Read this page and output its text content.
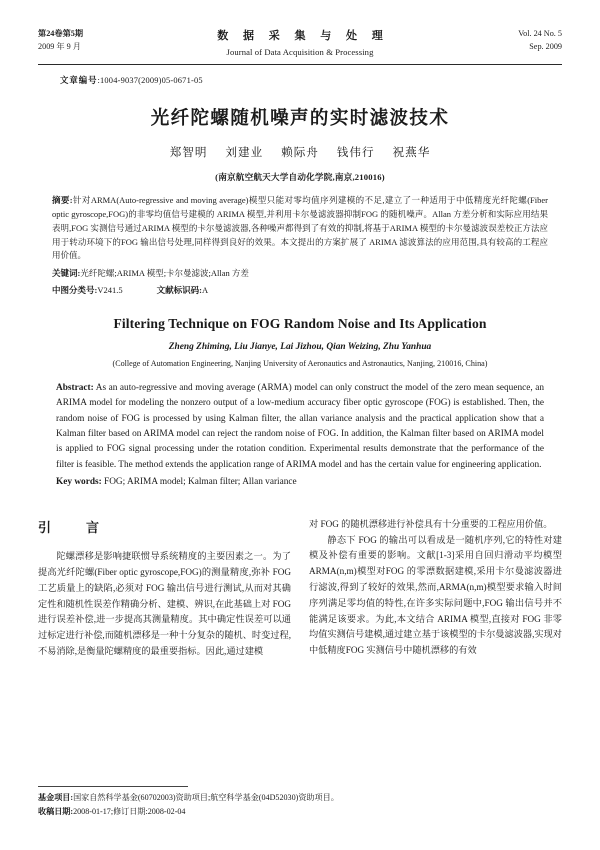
第24卷第5期
2009 年 9 月
数 据 采 集 与 处 理
Journal of Data Acquisition & Processing
Vol. 24 No. 5
Sep. 2009
文章编号:1004-9037(2009)05-0671-05
光纤陀螺随机噪声的实时滤波技术
郑智明 刘建业 赖际舟 钱伟行 祝燕华
(南京航空航天大学自动化学院,南京,210016)
摘要:针对ARMA(Auto-regressive and moving average)模型只能对零均值序列建模的不足,建立了一种适用于中低精度光纤陀螺(Fiber optic gyroscope,FOG)的非零均值信号建模的 ARIMA 模型,并利用卡尔曼滤波器抑制FOG 的随机噪声。Allan 方差分析和实际应用结果表明,FOG 实测信号通过ARIMA 模型的卡尔曼滤波器,各种噪声都得到了有效的抑制,将基于ARIMA 模型的卡尔曼滤波误差校正方法应用于转动环境下的FOG 输出信号处理,同样得到良好的效果。本文提出的方案扩展了 ARIMA 滤波算法的应用范围,具有较高的工程应用价值。
关键词:光纤陀螺;ARIMA 模型;卡尔曼滤波;Allan 方差
中图分类号:V241.5	文献标识码:A
Filtering Technique on FOG Random Noise and Its Application
Zheng Zhiming, Liu Jianye, Lai Jizhou, Qian Weizing, Zhu Yanhua
(College of Automation Engineering, Nanjing University of Aeronautics and Astronautics, Nanjing, 210016, China)
Abstract: As an auto-regressive and moving average (ARMA) model can only construct the model of the zero mean sequence, an ARIMA model for modeling the nonzero output of a low-medium accuracy fiber optic gyroscope (FOG) is established. Then, the random noise of FOG is processed by using Kalman filter, the allan variance analysis and the practical application show that a Kalman filter based on ARIMA model can reject the random noise of FOG. In addition, the Kalman filter based on ARIMA model is applied to FOG signal processing under the rotation condition. Experimental results demonstrate that the performance of the filter is feasible. The method extends the application range of ARIMA model and has the certain value for engineering application.
Key words: FOG; ARIMA model; Kalman filter; Allan variance
引　言
陀螺漂移是影响捷联惯导系统精度的主要因素之一。为了提高光纤陀螺(Fiber optic gyroscope,FOG)的测量精度,弥补 FOG 工艺质量上的缺陷,必须对 FOG 输出信号进行测试,从而对其确定性和随机性误差作精确分析、建模、辨识,在此基础上对 FOG 进行误差补偿,进一步提高其测量精度。其中确定性误差可以通过标定进行补偿,而随机漂移是一种十分复杂的随机、时变过程,不易消除,是衡量陀螺精度的最重要指标。因此,通过建模
对 FOG 的随机漂移进行补偿具有十分重要的工程应用价值。
静态下 FOG 的输出可以看成是一随机序列,它的特性对建模及补偿有重要的影响。文献[1-3]采用自回归滑动平均模型 ARMA(n,m)模型对FOG 的零漂数据建模,采用卡尔曼滤波器进行滤波,得到了较好的效果,然而,ARMA(n,m)模型要求输入时间序列满足零均值的特性,在许多实际问题中,FOG 输出信号并不能满足该要求。为此,本文结合 ARIMA 模型,直接对 FOG 非零均值实测信号建模,通过建立基于该模型的卡尔曼滤波器,实现对中低精度FOG 实测信号中随机漂移的有效

基金项目:国家自然科学基金(60702003)资助项目;航空科学基金(04D52030)资助项目。

收稿日期:2008-01-17;修订日期:2008-02-04
